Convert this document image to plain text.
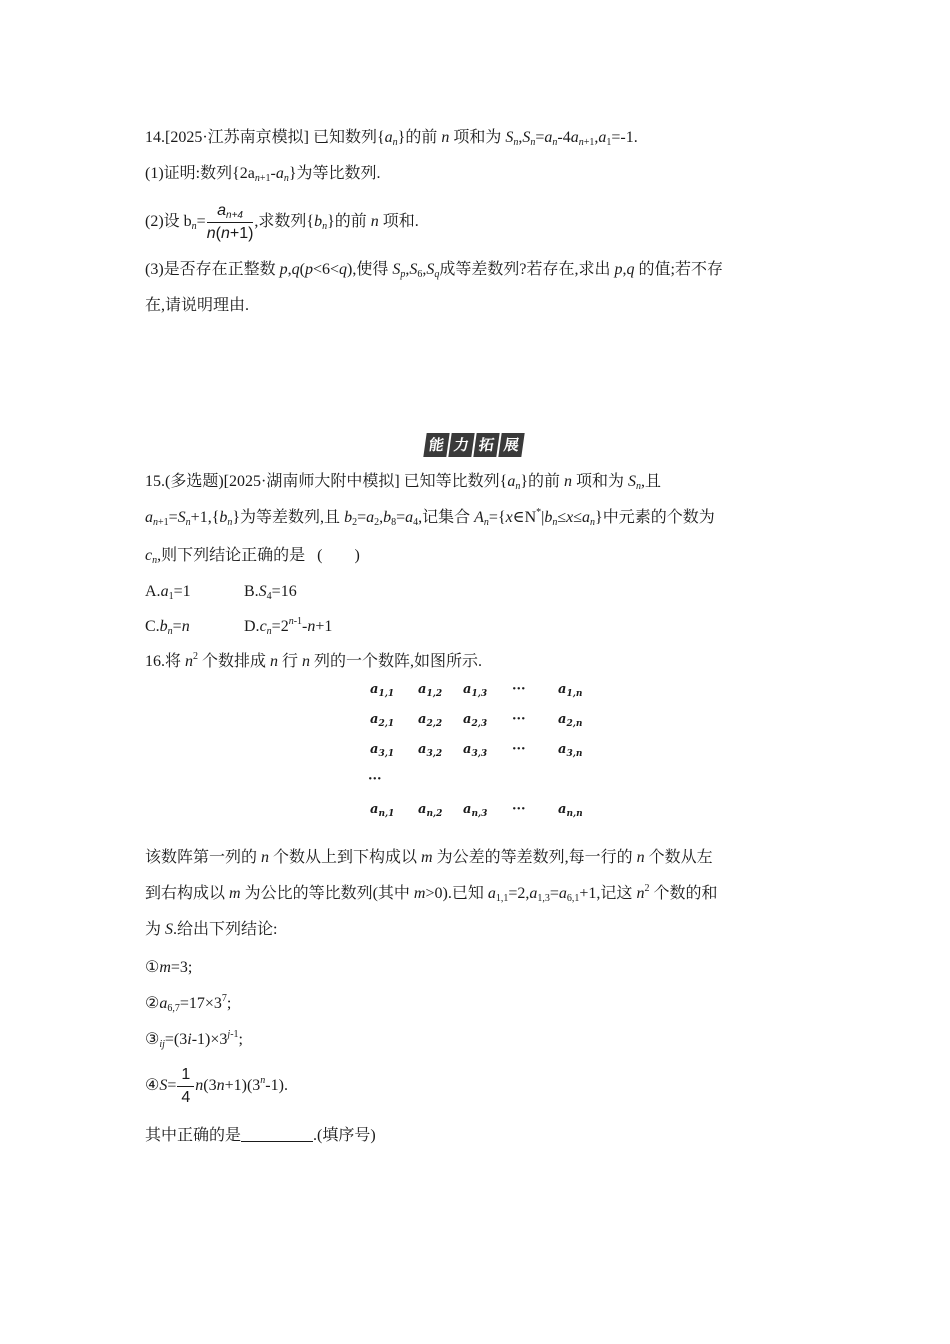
14.[2025·江苏南京模拟] 已知数列$\{a_n\}$的前 n 项和为 $S_n,S_n=a_n-4a_{n+1},a_1=-1$.
(1)证明:数列$\{2a_{n+1}-a_n\}$为等比数列.
(2)设 $b_n= \frac{a_{n+4}}{n(n+1)}$ ,求数列$\{b_n\}$的前 n 项和.
(3)是否存在正整数 p,q(p<6<q),使得 $S_p,S_6,S_q$成等差数列?若存在,求出 p,q 的值;若不存
在,请说明理由.
能 力 拓 展
15.(多选题)[2025·湖南师大附中模拟] 已知等比数列$\{a_n\}$的前 n 项和为 $S_n$,且
$a_{n+1}=S_n+1,\{b_n\}$为等差数列,且 $b_2=a_2,b_8=a_4$,记集合 $A_n=\{x\in N^*|b_n\le x\le a_n\}$中元素的个数为
$c_n$,则下列结论正确的是 (　　)
$A.a_1=1$	$B.S_4=16$
$C.b_n=n$	$D.c_n=2^{n-1}-n+1$
16.将 $n^2$ 个数排成 n 行 n 列的一个数阵,如图所示.
$a_{1,1}$ $a_{1,2}$ $a_{1,3}$ ··· $a_{1,n}$
$a_{2,1}$ $a_{2,2}$ $a_{2,3}$ ··· $a_{2,n}$
$a_{3,1}$ $a_{3,2}$ $a_{3,3}$ ··· $a_{3,n}$
···
$a_{n,1}$ $a_{n,2}$ $a_{n,3}$ ··· $a_{n,n}$
该数阵第一列的 n 个数从上到下构成以 m 为公差的等差数列,每一行的 n 个数从左
到右构成以 m 为公比的等比数列(其中 m>0).已知 $a_{1,1}=2,a_{1,3}=a_{6,1}+1$,记这 $n^2$ 个数的和
为 S.给出下列结论:
①m=3;
$②a_{6,7}=17\times 3^7$;
$③_{ij}=(3i-1)\times 3^{j-1}$;
④S= $\frac{1}{4} n(3n+1)(3^n-1)$.
其中正确的是	.(填序号)
